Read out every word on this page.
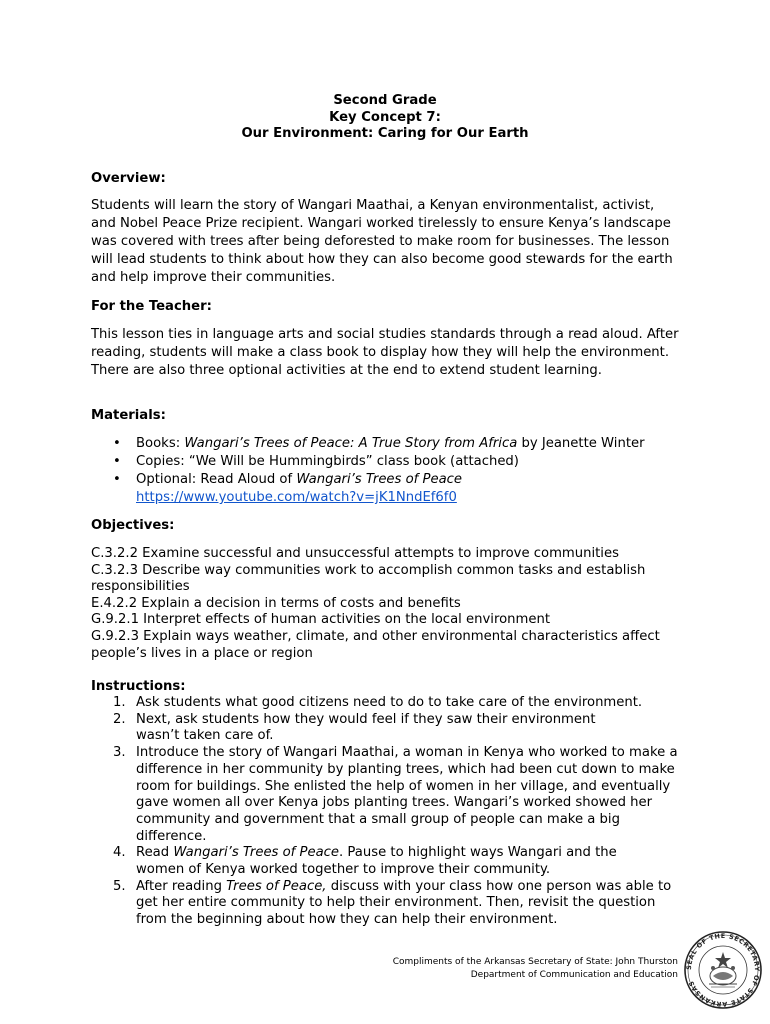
Second Grade
Key Concept 7:
Our Environment: Caring for Our Earth
Overview:

Students will learn the story of Wangari Maathai, a Kenyan environmentalist, activist, and Nobel Peace Prize recipient. Wangari worked tirelessly to ensure Kenya’s landscape was covered with trees after being deforested to make room for businesses. The lesson will lead students to think about how they can also become good stewards for the earth and help improve their communities.

For the Teacher:

This lesson ties in language arts and social studies standards through a read aloud. After reading, students will make a class book to display how they will help the environment. There are also three optional activities at the end to extend student learning.

Materials:
• Books: Wangari’s Trees of Peace: A True Story from Africa by Jeanette Winter
• Copies: “We Will be Hummingbirds” class book (attached)
• Optional: Read Aloud of Wangari’s Trees of Peace
https://www.youtube.com/watch?v=jK1NndEf6f0
Objectives:
C.3.2.2 Examine successful and unsuccessful attempts to improve communities
C.3.2.3 Describe way communities work to accomplish common tasks and establish responsibilities
E.4.2.2 Explain a decision in terms of costs and benefits
G.9.2.1 Interpret effects of human activities on the local environment
G.9.2.3 Explain ways weather, climate, and other environmental characteristics affect people’s lives in a place or region
Instructions:
1. Ask students what good citizens need to do to take care of the environment.
2. Next, ask students how they would feel if they saw their environment wasn’t taken care of.
3. Introduce the story of Wangari Maathai, a woman in Kenya who worked to make a difference in her community by planting trees, which had been cut down to make room for buildings. She enlisted the help of women in her village, and eventually gave women all over Kenya jobs planting trees. Wangari’s worked showed her community and government that a small group of people can make a big difference.
4. Read Wangari’s Trees of Peace. Pause to highlight ways Wangari and the women of Kenya worked together to improve their community.
5. After reading Trees of Peace, discuss with your class how one person was able to get her entire community to help their environment. Then, revisit the question from the beginning about how they can help their environment.
Compliments of the Arkansas Secretary of State: John Thurston
Department of Communication and Education
SEAL OF THE SECRETARY OF STATE ARKANSAS
